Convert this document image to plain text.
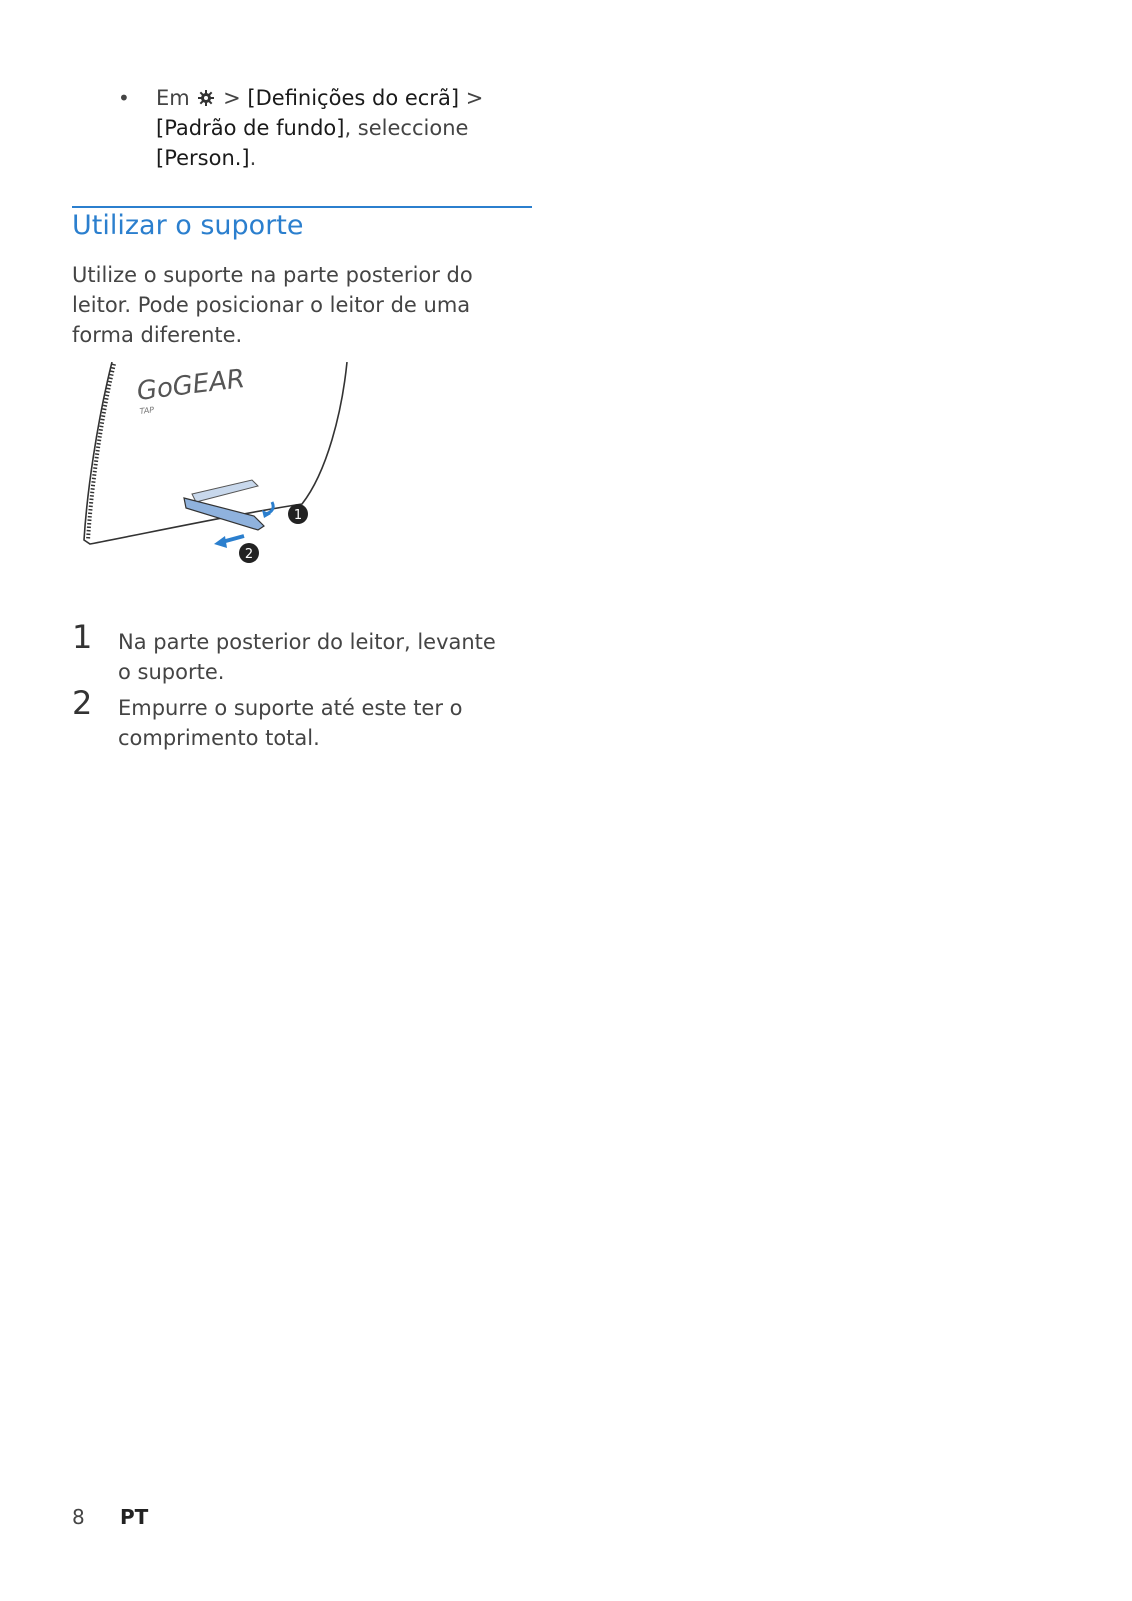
• Em > [Definições do ecrã] >
[Padrão de fundo], seleccione
[Person.].
Utilizar o suporte
Utilize o suporte na parte posterior do leitor. Pode posicionar o leitor de uma forma diferente.
GoGEAR
TAP
1
2
1 Na parte posterior do leitor, levante o suporte.
2 Empurre o suporte até este ter o comprimento total.
8 PT
